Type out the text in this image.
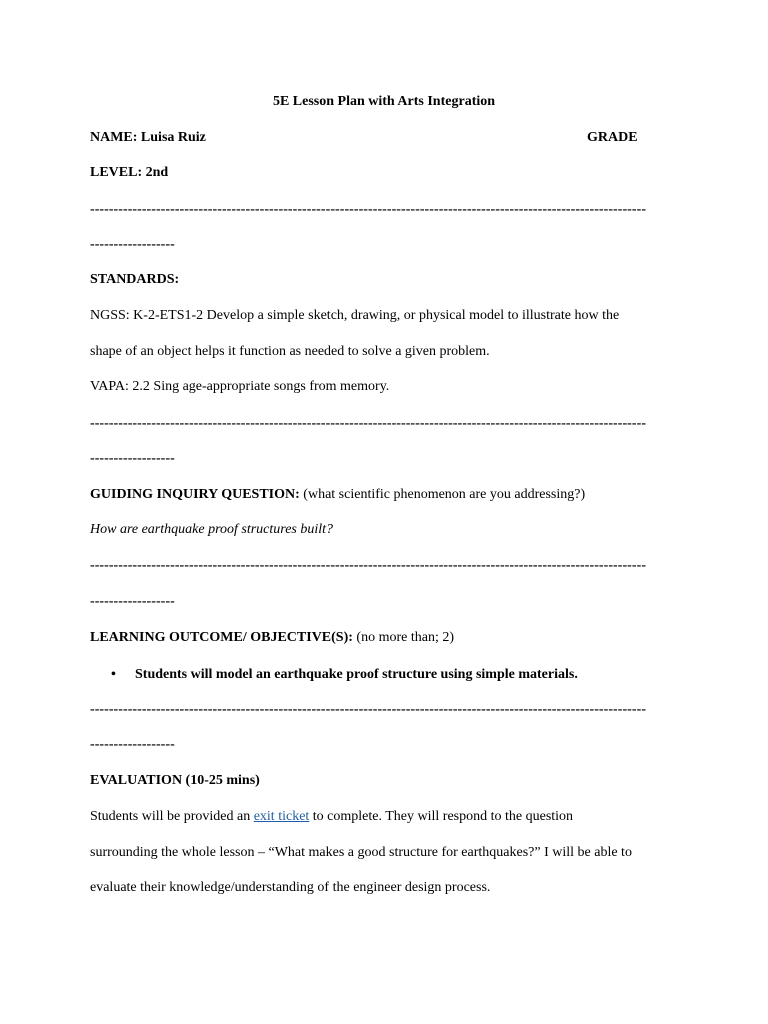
5E Lesson Plan with Arts Integration
NAME: Luisa Ruiz	GRADE
LEVEL: 2nd
----------------------------------------------------------------------------------------------------------------------
------------------
STANDARDS:
NGSS: K-2-ETS1-2 Develop a simple sketch, drawing, or physical model to illustrate how the
shape of an object helps it function as needed to solve a given problem.
VAPA: 2.2 Sing age-appropriate songs from memory.
----------------------------------------------------------------------------------------------------------------------
------------------
GUIDING INQUIRY QUESTION: (what scientific phenomenon are you addressing?)
How are earthquake proof structures built?
----------------------------------------------------------------------------------------------------------------------
------------------
LEARNING OUTCOME/ OBJECTIVE(S): (no more than; 2)
• Students will model an earthquake proof structure using simple materials.
----------------------------------------------------------------------------------------------------------------------
------------------
EVALUATION (10-25 mins)
Students will be provided an exit ticket to complete. They will respond to the question
surrounding the whole lesson – “What makes a good structure for earthquakes?” I will be able to
evaluate their knowledge/understanding of the engineer design process.
